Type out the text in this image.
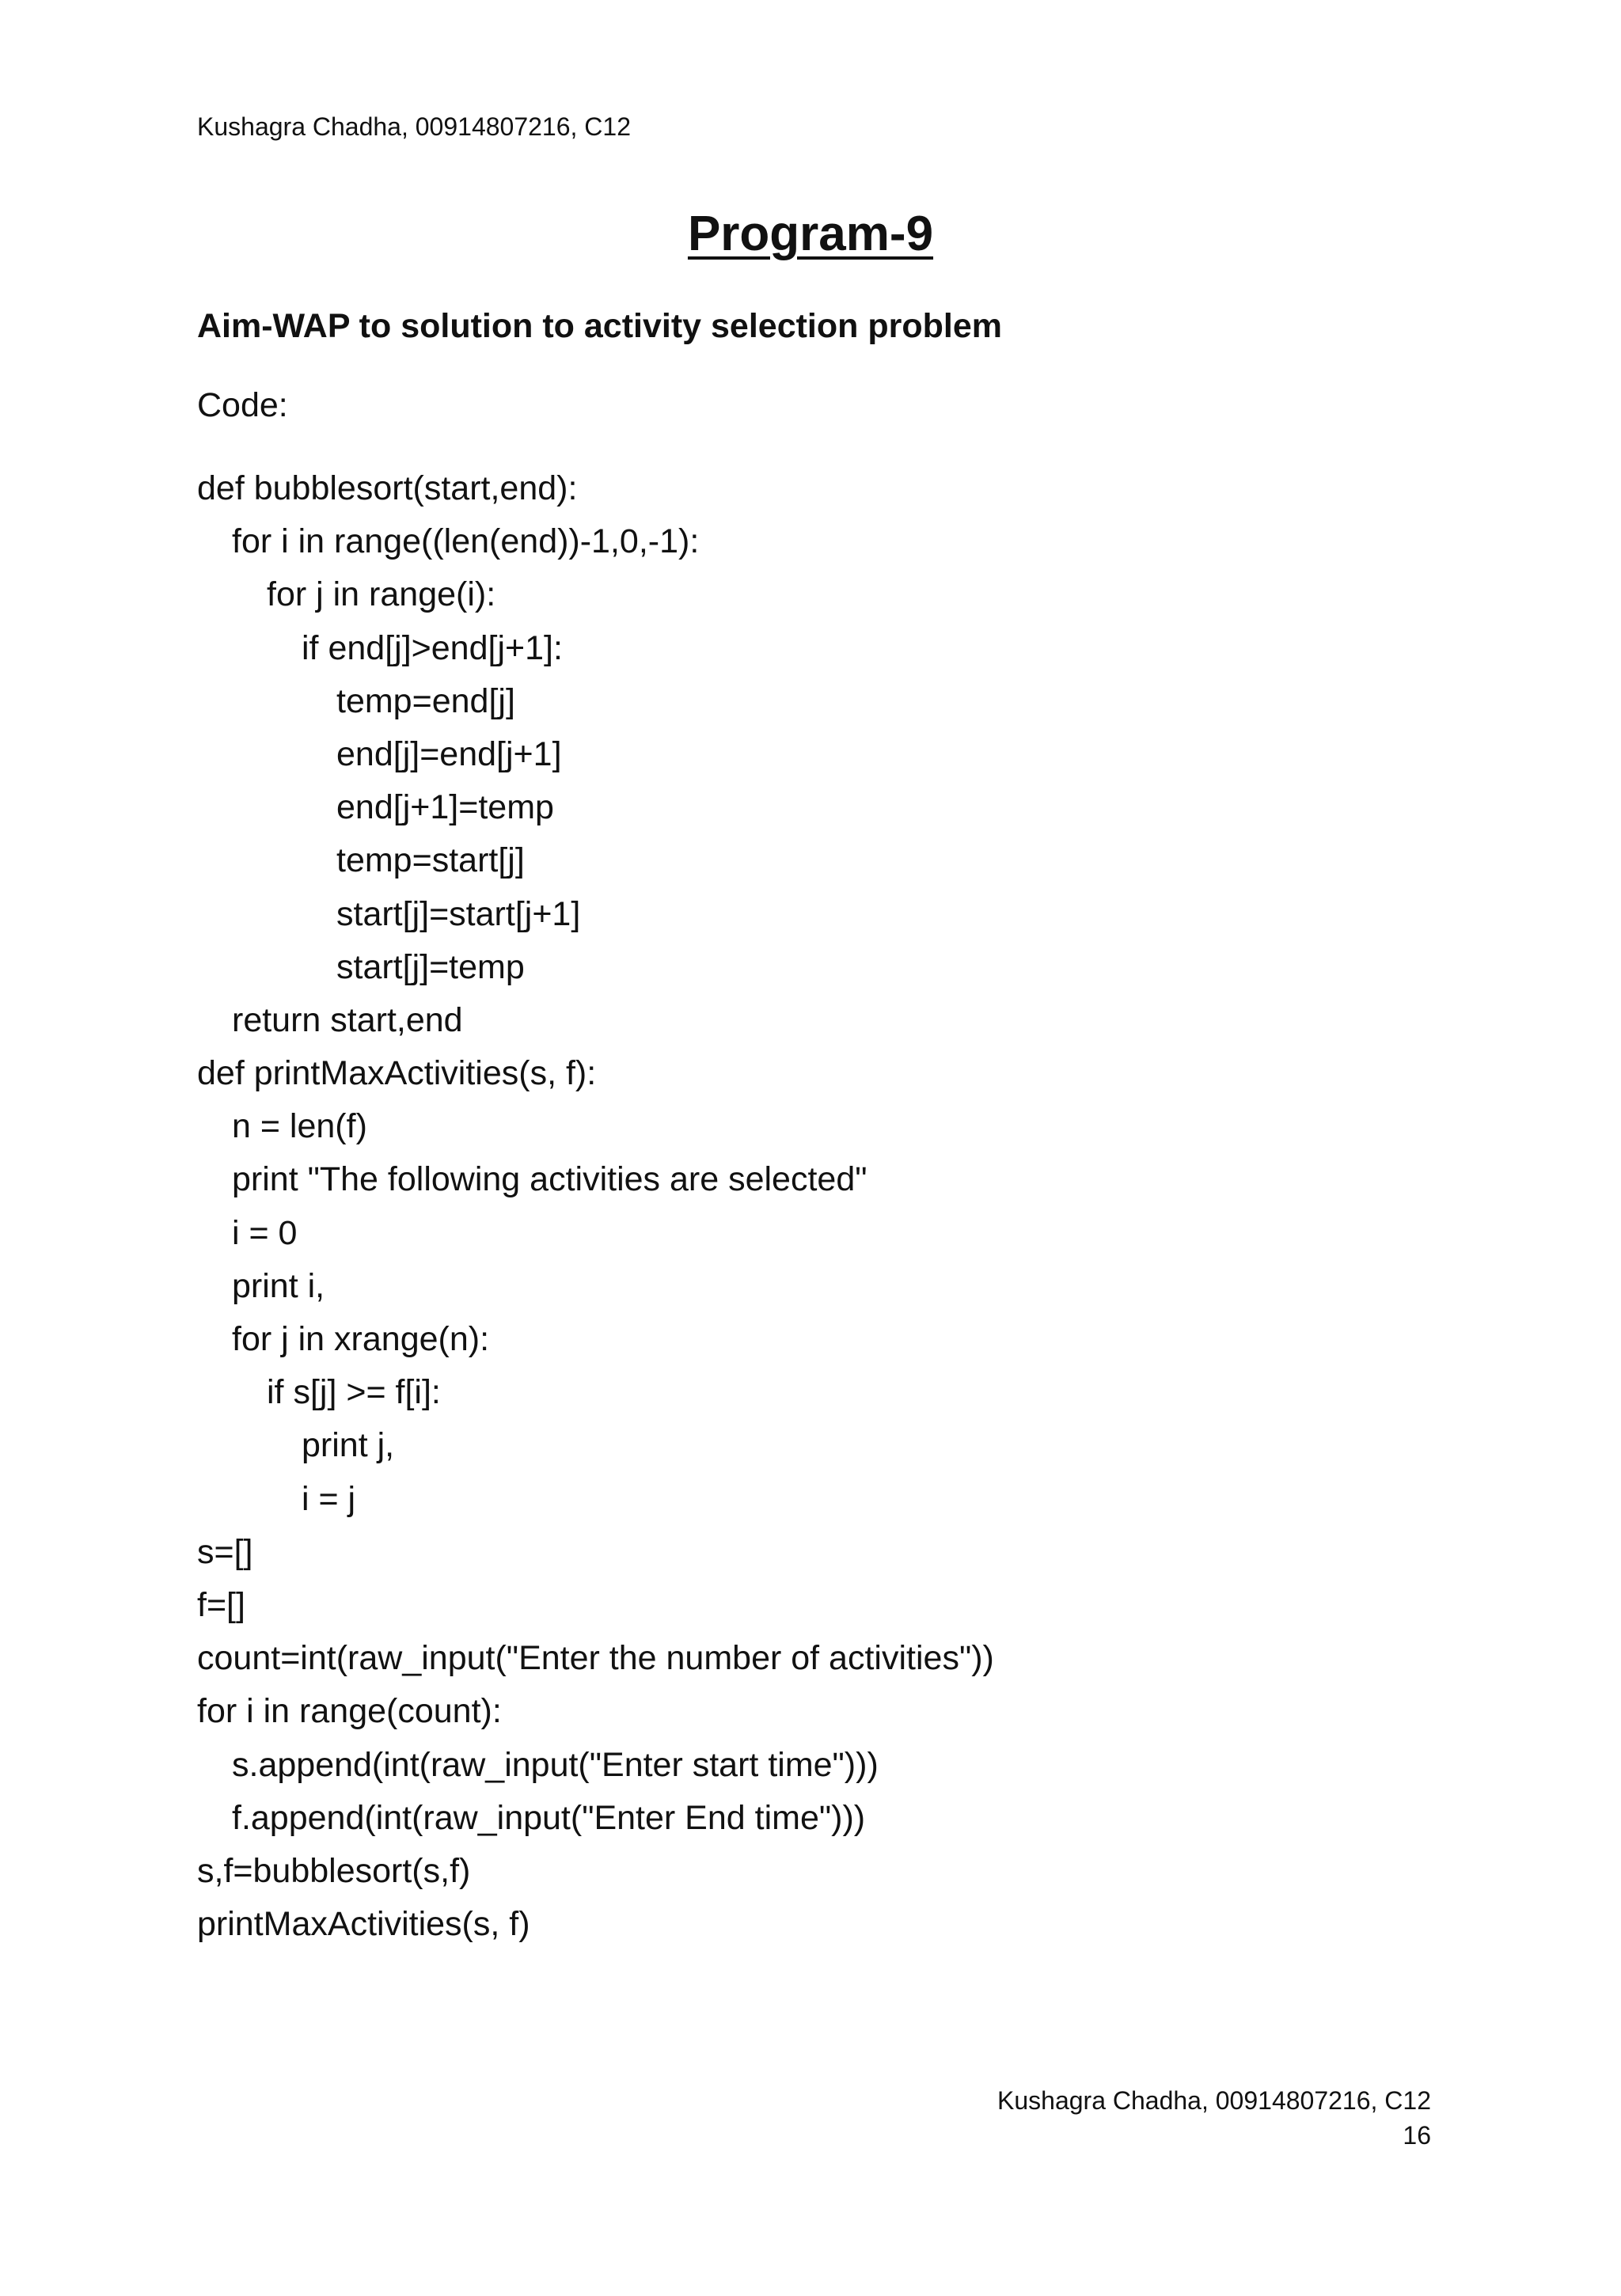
Kushagra Chadha, 00914807216, C12
Program-9
Aim-WAP to solution to activity selection problem
Code:
def bubblesort(start,end):
for i in range((len(end))-1,0,-1):
for j in range(i):
if end[j]>end[j+1]:
temp=end[j]
end[j]=end[j+1]
end[j+1]=temp
temp=start[j]
start[j]=start[j+1]
start[j]=temp
return start,end
def printMaxActivities(s, f):
n = len(f)
print "The following activities are selected"
i = 0
print i,
for j in xrange(n):
if s[j] >= f[i]:
print j,
i = j
s=[]
f=[]
count=int(raw_input("Enter the number of activities"))
for i in range(count):
s.append(int(raw_input("Enter start time")))
f.append(int(raw_input("Enter End time")))
s,f=bubblesort(s,f)
printMaxActivities(s, f)
Kushagra Chadha, 00914807216, C12
16
